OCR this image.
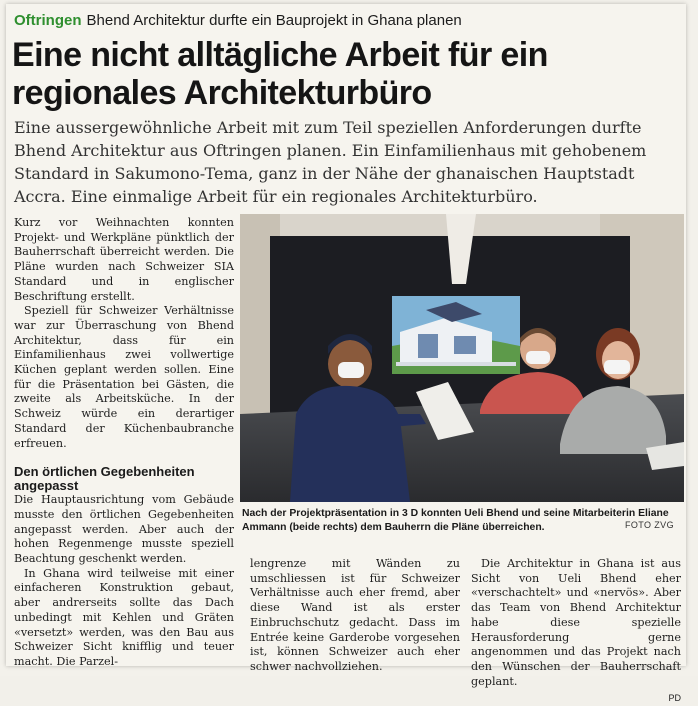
Oftringen Bhend Architektur durfte ein Bauprojekt in Ghana planen
Eine nicht alltägliche Arbeit für ein regionales Architekturbüro
Eine aussergewöhnliche Arbeit mit zum Teil speziellen Anforderungen durfte Bhend Architektur aus Oftringen planen. Ein Einfamilienhaus mit gehobenem Standard in Sakumono-Tema, ganz in der Nähe der ghanaischen Hauptstadt Accra. Eine einmalige Arbeit für ein regionales Architekturbüro.

Kurz vor Weihnachten konnten Projekt- und Werkpläne pünktlich der Bauherrschaft überreicht werden. Die Pläne wurden nach Schweizer SIA Standard und in englischer Beschriftung erstellt.

Speziell für Schweizer Verhältnisse war zur Überraschung von Bhend Architektur, dass für ein Einfamilienhaus zwei vollwertige Küchen geplant werden sollen. Eine für die Präsentation bei Gästen, die zweite als Arbeitsküche. In der Schweiz würde ein derartiger Standard der Küchenbaubranche erfreuen.

Den örtlichen Gegebenheiten angepasst

Die Hauptausrichtung vom Gebäude musste den örtlichen Gegebenheiten angepasst werden. Aber auch der hohen Regenmenge musste speziell Beachtung geschenkt werden.

In Ghana wird teilweise mit einer einfacheren Konstruktion gebaut, aber andrerseits sollte das Dach unbedingt mit Kehlen und Gräten «versetzt» werden, was den Bau aus Schweizer Sicht knifflig und teuer macht. Die Parzel-

Nach der Projektpräsentation in 3 D konnten Ueli Bhend und seine Mitarbeiterin Eliane Ammann (beide rechts) dem Bauherrn die Pläne überreichen.	FOTO ZVG

lengrenze mit Wänden zu umschliessen ist für Schweizer Verhältnisse auch eher fremd, aber diese Wand ist als erster Einbruchschutz gedacht. Dass im Entrée keine Garderobe vorgesehen ist, können Schweizer auch eher schwer nachvollziehen.

Die Architektur in Ghana ist aus Sicht von Ueli Bhend eher «verschachtelt» und «nervös». Aber das Team von Bhend Architektur habe diese spezielle Herausforderung gerne angenommen und das Projekt nach den Wünschen der Bauherrschaft geplant.

PD
